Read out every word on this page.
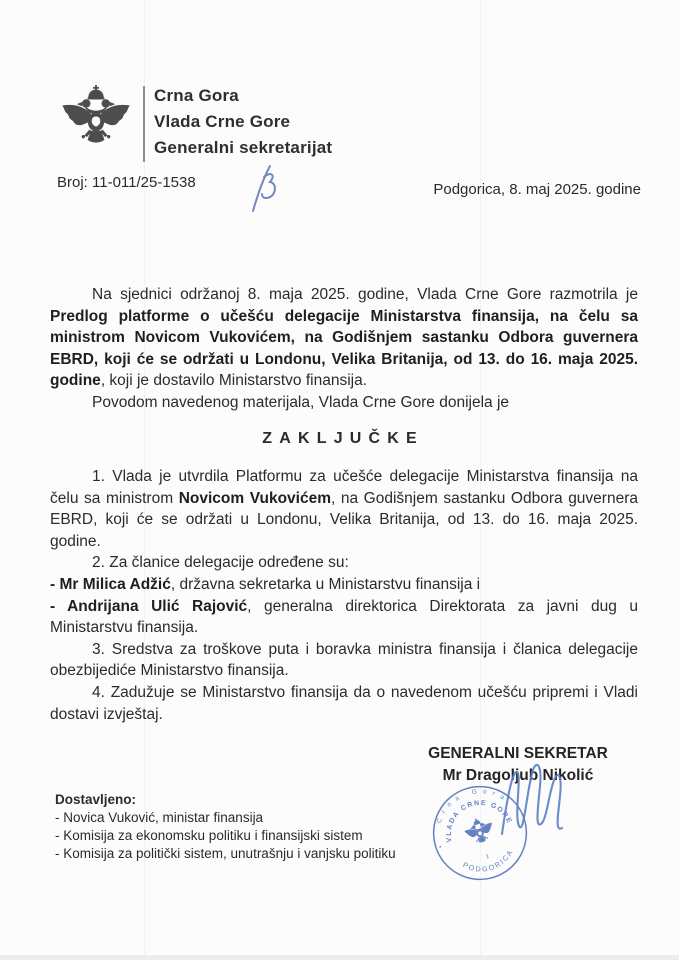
Crna Gora
Vlada Crne Gore
Generalni sekretarijat
Broj: 11-011/25-1538	Podgorica, 8. maj 2025. godine

Na sjednici održanoj 8. maja 2025. godine, Vlada Crne Gore razmotrila je Predlog platforme o učešću delegacije Ministarstva finansija, na čelu sa ministrom Novicom Vukovićem, na Godišnjem sastanku Odbora guvernera EBRD, koji će se održati u Londonu, Velika Britanija, od 13. do 16. maja 2025. godine, koji je dostavilo Ministarstvo finansija.

Povodom navedenog materijala, Vlada Crne Gore donijela je

ZAKLJUČKE

1. Vlada je utvrdila Platformu za učešće delegacije Ministarstva finansija na čelu sa ministrom Novicom Vukovićem, na Godišnjem sastanku Odbora guvernera EBRD, koji će se održati u Londonu, Velika Britanija, od 13. do 16. maja 2025. godine.

2. Za članice delegacije određene su:

- Mr Milica Adžić, državna sekretarka u Ministarstvu finansija i

- Andrijana Ulić Rajović, generalna direktorica Direktorata za javni dug u Ministarstvu finansija.

3. Sredstva za troškove puta i boravka ministra finansija i članica delegacije obezbijediće Ministarstvo finansija.

4. Zadužuje se Ministarstvo finansija da o navedenom učešću pripremi i Vladi dostavi izvještaj.

GENERALNI SEKRETAR
Mr Dragoljub Nikolić
Crna Gora
VLADA CRNE GORE
PODGORICA
•
•
1
Dostavljeno:
- Novica Vuković, ministar finansija
- Komisija za ekonomsku politiku i finansijski sistem
- Komisija za politički sistem, unutrašnju i vanjsku politiku
